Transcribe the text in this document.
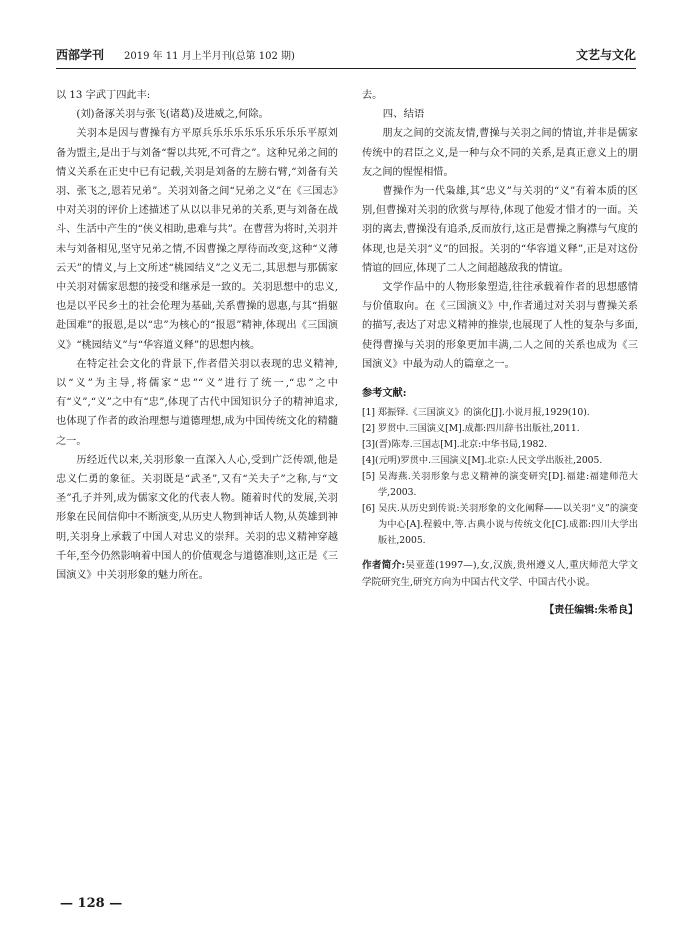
西部学刊 2019 年 11 月上半月刊(总第 102 期)	文艺与文化

以 13 字武丁四此丰:

(刘)备涿关羽与张飞(诸葛)及进威之,何除。

关羽本是因与曹操有方平原兵乐乐乐乐乐乐乐乐乐平原刘备为盟主,是出于与刘备“誓以共死,不可背之”。这种兄弟之间的情义关系在正史中已有记载,关羽是刘备的左膀右臂,“刘备有关羽、张飞之,恩若兄弟”。关羽刘备之间“兄弟之义”在《三国志》中对关羽的评价上述描述了从以以非兄弟的关系,更与刘备在战斗、生活中产生的“侠义相助,患难与共”。在曹营为将时,关羽并未与刘备相见,坚守兄弟之情,不因曹操之厚待而改变,这种“义薄云天”的情义,与上文所述“桃园结义”之义无二,其思想与那儒家中关羽对儒家思想的接受和继承是一致的。关羽思想中的忠义,也是以平民乡土的社会伦理为基础,关系曹操的恩惠,与其“捐躯赴国难”的报恩,是以“忠”为核心的“报恩”精神,体现出《三国演义》“桃园结义”与“华容道义释”的思想内核。

在特定社会文化的背景下,作者借关羽以表现的忠义精神,以“义”为主导,将儒家“忠”“义”进行了统一,“忠”之中有“义”,“义”之中有“忠”,体现了古代中国知识分子的精神追求,也体现了作者的政治理想与道德理想,成为中国传统文化的精髓之一。

历经近代以来,关羽形象一直深入人心,受到广泛传颂,他是忠义仁勇的象征。关羽既是“武圣”,又有“关夫子”之称,与“文圣”孔子并列,成为儒家文化的代表人物。随着时代的发展,关羽形象在民间信仰中不断演变,从历史人物到神话人物,从英雄到神明,关羽身上承载了中国人对忠义的崇拜。关羽的忠义精神穿越千年,至今仍然影响着中国人的价值观念与道德准则,这正是《三国演义》中关羽形象的魅力所在。

去。

四、结语

朋友之间的交流友情,曹操与关羽之间的情谊,并非是儒家传统中的君臣之义,是一种与众不同的关系,是真正意义上的朋友之间的惺惺相惜。

曹操作为一代枭雄,其“忠义”与关羽的“义”有着本质的区别,但曹操对关羽的欣赏与厚待,体现了他爱才惜才的一面。关羽的离去,曹操没有追杀,反而放行,这正是曹操之胸襟与气度的体现,也是关羽“义”的回报。关羽的“华容道义释”,正是对这份情谊的回应,体现了二人之间超越敌我的情谊。

文学作品中的人物形象塑造,往往承载着作者的思想感情与价值取向。在《三国演义》中,作者通过对关羽与曹操关系的描写,表达了对忠义精神的推崇,也展现了人性的复杂与多面,使得曹操与关羽的形象更加丰满,二人之间的关系也成为《三国演义》中最为动人的篇章之一。

参考文献:

[1] 郑振铎.《三国演义》的演化[J].小说月报,1929(10).
[2] 罗贯中.三国演义[M].成都:四川辞书出版社,2011.
[3](晋)陈寿.三国志[M].北京:中华书局,1982.
[4](元明)罗贯中.三国演义[M].北京:人民文学出版社,2005.
[5] 吴海燕.关羽形象与忠义精神的演变研究[D].福建:福建师范大学,2003.
[6] 吴庆.从历史到传说:关羽形象的文化阐释——以关羽“义”的演变为中心[A].程毅中,等.古典小说与传统文化[C].成都:四川大学出版社,2005.
作者简介:吴亚莲(1997—),女,汉族,贵州遵义人,重庆师范大学文学院研究生,研究方向为中国古代文学、中国古代小说。
【责任编辑:朱希良】
— 128 —
